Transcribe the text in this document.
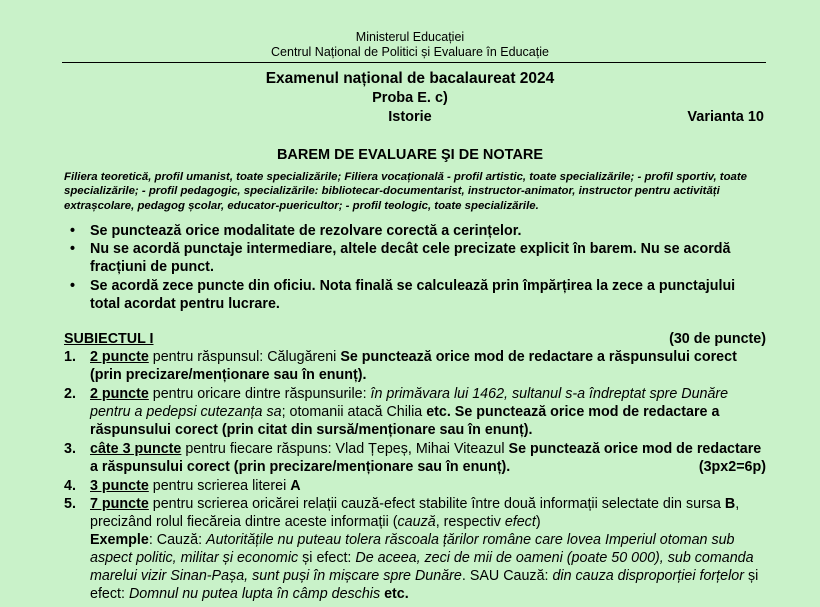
Ministerul Educației
Centrul Național de Politici și Evaluare în Educație
Examenul național de bacalaureat 2024
Proba E. c)
Istorie	Varianta 10
BAREM DE EVALUARE ŞI DE NOTARE
Filiera teoretică, profil umanist, toate specializările; Filiera vocațională - profil artistic, toate specializările; - profil sportiv, toate specializările; - profil pedagogic, specializările: bibliotecar-documentarist, instructor-animator, instructor pentru activități extrașcolare, pedagog școlar, educator-puericultor; - profil teologic, toate specializările.
• Se punctează orice modalitate de rezolvare corectă a cerințelor.
• Nu se acordă punctaje intermediare, altele decât cele precizate explicit în barem. Nu se acordă fracțiuni de punct.
• Se acordă zece puncte din oficiu. Nota finală se calculează prin împărțirea la zece a punctajului total acordat pentru lucrare.
SUBIECTUL I	(30 de puncte)
1. 2 puncte pentru răspunsul: Călugăreni Se punctează orice mod de redactare a răspunsului corect (prin precizare/menționare sau în enunț).
2. 2 puncte pentru oricare dintre răspunsurile: în primăvara lui 1462, sultanul s-a îndreptat spre Dunăre pentru a pedepsi cutezanța sa; otomanii atacă Chilia etc. Se punctează orice mod de redactare a răspunsului corect (prin citat din sursă/menționare sau în enunț).
3. câte 3 puncte pentru fiecare răspuns: Vlad Țepeș, Mihai Viteazul Se punctează orice mod de redactare a răspunsului corect (prin precizare/menționare sau în enunț).	(3px2=6p)
4. 3 puncte pentru scrierea literei A
5. 7 puncte pentru scrierea oricărei relații cauză-efect stabilite între două informații selectate din sursa B, precizând rolul fiecăreia dintre aceste informații (cauză, respectiv efect)
Exemple: Cauză: Autoritățile nu puteau tolera răscoala țărilor române care lovea Imperiul otoman sub aspect politic, militar și economic și efect: De aceea, zeci de mii de oameni (poate 50 000), sub comanda marelui vizir Sinan-Pașa, sunt puși în mișcare spre Dunăre. SAU Cauză: din cauza disproporției forțelor și efect: Domnul nu putea lupta în câmp deschis etc.
